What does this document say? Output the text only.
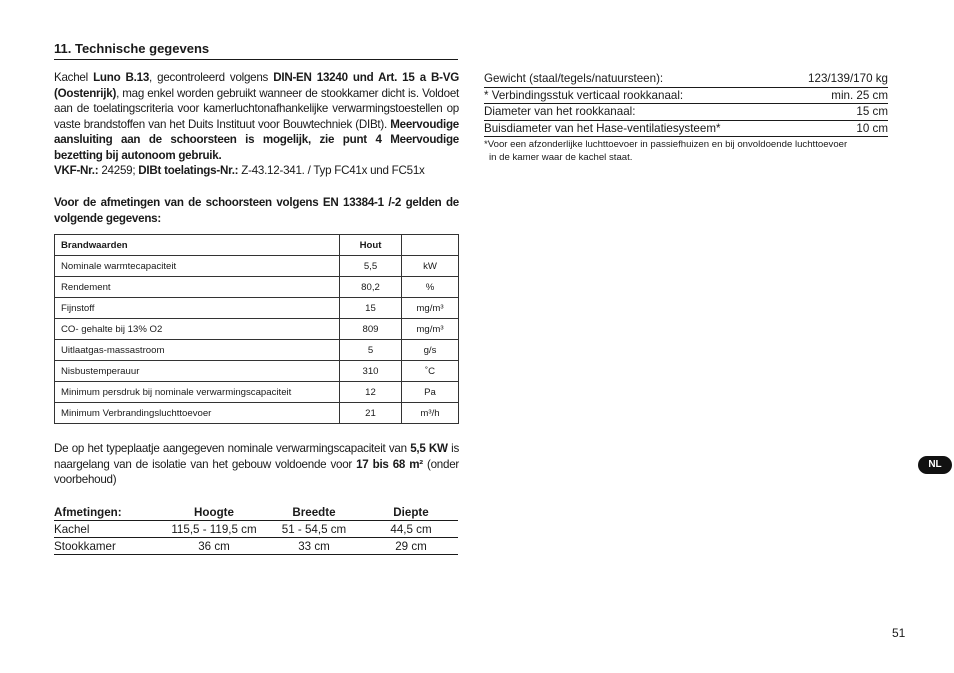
11. Technische gegevens
Kachel Luno B.13, gecontroleerd volgens DIN-EN 13240 und Art. 15 a B-VG (Oostenrijk), mag enkel worden gebruikt wanneer de stookkamer dicht is. Voldoet aan de toelatingscriteria voor kamerluchtonafhankelijke verwarmingstoestellen op vaste brandstoffen van het Duits Instituut voor Bouwtechniek (DIBt). Meervoudige aansluiting aan de schoorsteen is mogelijk, zie punt 4 Meervoudige bezetting bij autonoom gebruik.
VKF-Nr.: 24259; DIBt toelatings-Nr.: Z-43.12-341. / Typ FC41x und FC51x
Voor de afmetingen van de schoorsteen volgens EN 13384-1 /-2 gelden de volgende gegevens:
Brandwaarden	Hout	
Nominale warmtecapaciteit	5,5	kW
Rendement	80,2	%
Fijnstoff	15	mg/m³
CO- gehalte bij 13% O2	809	mg/m³
Uitlaatgas-massastroom	5	g/s
Nisbustemperauur	310	˚C
Minimum persdruk bij nominale verwarmingscapaciteit	12	Pa
Minimum Verbrandingsluchttoevoer	21	m³/h
De op het typeplaatje aangegeven nominale verwarmingscapaciteit van 5,5 KW is naargelang van de isolatie van het gebouw voldoende voor 17 bis 68 m² (onder voorbehoud)
Afmetingen:	Hoogte	Breedte	Diepte
Kachel	115,5 - 119,5 cm	51 - 54,5 cm	44,5 cm
Stookkamer	36 cm	33 cm	29 cm
Gewicht (staal/tegels/natuursteen):	123/139/170 kg
* Verbindingsstuk verticaal rookkanaal:	min. 25 cm
Diameter van het rookkanaal:	15 cm
Buisdiameter van het Hase-ventilatiesysteem*	10 cm
*Voor een afzonderlijke luchttoevoer in passiefhuizen en bij onvoldoende luchttoevoer
in de kamer waar de kachel staat.
NL
51
